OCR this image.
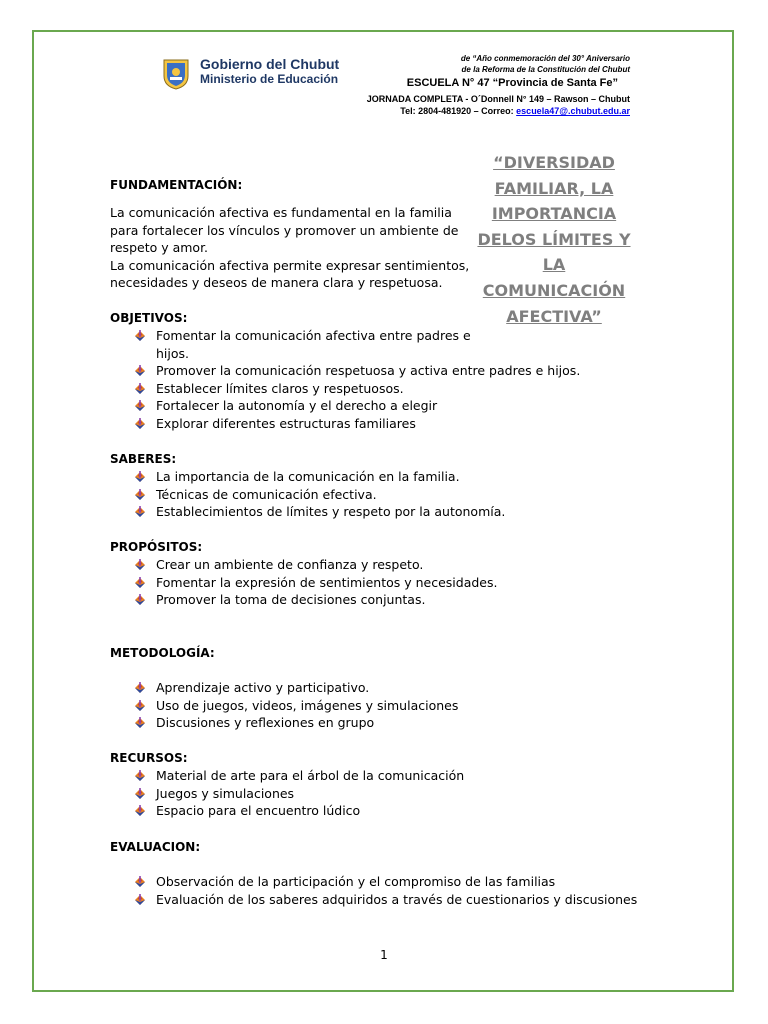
Gobierno del Chubut
Ministerio de Educación
de “Año conmemoración del 30° Aniversario
de la Reforma de la Constitución del Chubut
ESCUELA N° 47 “Provincia de Santa Fe”
JORNADA COMPLETA - O´Donnell N° 149 – Rawson – Chubut
Tel: 2804-481920 – Correo: escuela47@.chubut.edu.ar
“DIVERSIDAD
FAMILIAR, LA
IMPORTANCIA
DELOS LÍMITES Y
LA
COMUNICACIÓN
AFECTIVA”
FUNDAMENTACIÓN:
La comunicación afectiva es fundamental en la familia
para fortalecer los vínculos y promover un ambiente de
respeto y amor.
La comunicación afectiva permite expresar sentimientos,
necesidades y deseos de manera clara y respetuosa.
OBJETIVOS:
Fomentar la comunicación afectiva entre padres e
hijos.
Promover la comunicación respetuosa y activa entre padres e hijos.
Establecer límites claros y respetuosos.
Fortalecer la autonomía y el derecho a elegir
Explorar diferentes estructuras familiares
SABERES:
La importancia de la comunicación en la familia.
Técnicas de comunicación efectiva.
Establecimientos de límites y respeto por la autonomía.
PROPÓSITOS:
Crear un ambiente de confianza y respeto.
Fomentar la expresión de sentimientos y necesidades.
Promover la toma de decisiones conjuntas.
METODOLOGÍA:
Aprendizaje activo y participativo.
Uso de juegos, videos, imágenes y simulaciones
Discusiones y reflexiones en grupo
RECURSOS:
Material de arte para el árbol de la comunicación
Juegos y simulaciones
Espacio para el encuentro lúdico
EVALUACION:
Observación de la participación y el compromiso de las familias
Evaluación de los saberes adquiridos a través de cuestionarios y discusiones
1
